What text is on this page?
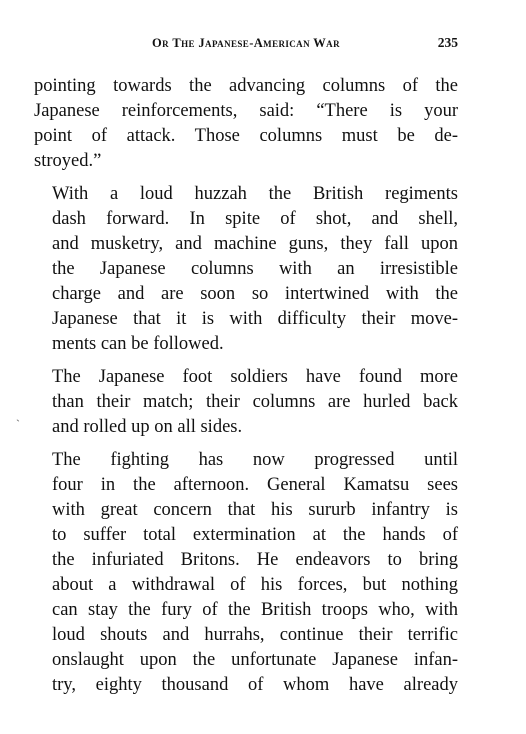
Or The Japanese-American War	235
ˎ

pointing towards the advancing columns of the
Japanese reinforcements, said: “There is your
point of attack. Those columns must be de-
stroyed.”

With a loud huzzah the British regiments
dash forward. In spite of shot, and shell,
and musketry, and machine guns, they fall upon
the Japanese columns with an irresistible
charge and are soon so intertwined with the
Japanese that it is with difficulty their move-
ments can be followed.

The Japanese foot soldiers have found more
than their match; their columns are hurled back
and rolled up on all sides.

The fighting has now progressed until
four in the afternoon. General Kamatsu sees
with great concern that his sururb infantry is
to suffer total extermination at the hands of
the infuriated Britons. He endeavors to bring
about a withdrawal of his forces, but nothing
can stay the fury of the British troops who, with
loud shouts and hurrahs, continue their terrific
onslaught upon the unfortunate Japanese infan-
try, eighty thousand of whom have already
